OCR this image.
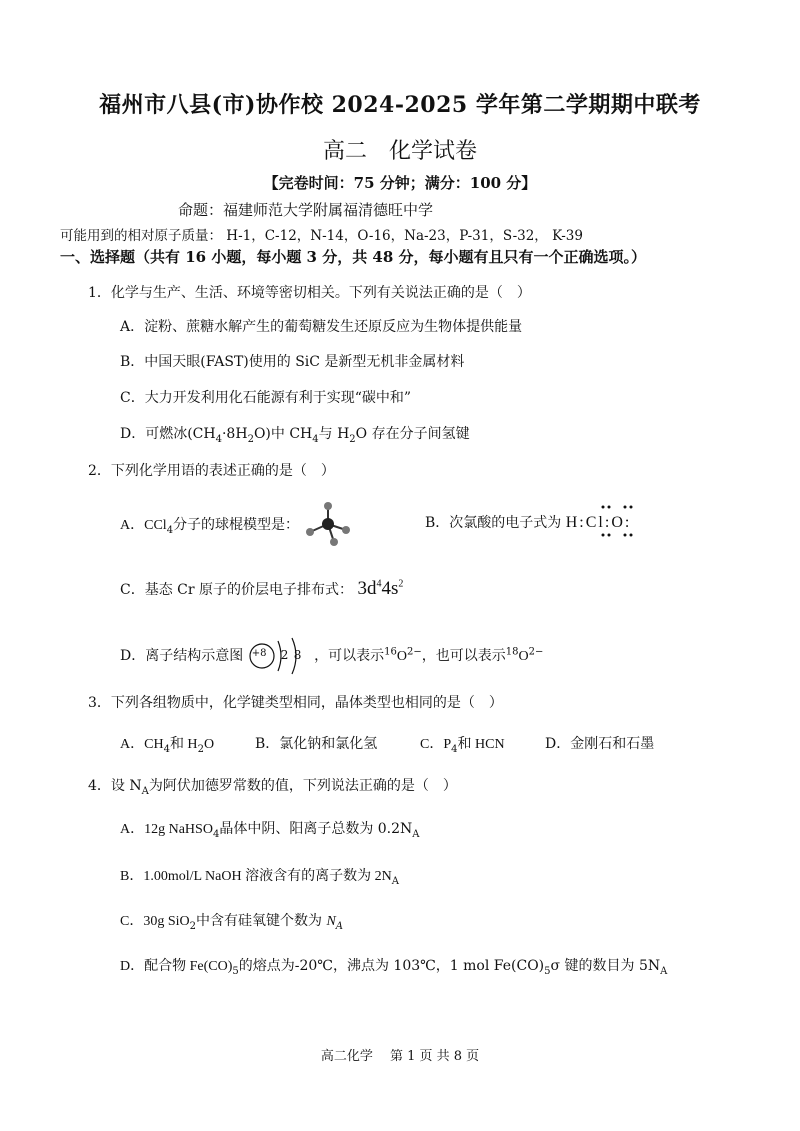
福州市八县(市)协作校 2024-2025 学年第二学期期中联考
高二　化学试卷
【完卷时间：75 分钟；满分：100 分】
命题：福建师范大学附属福清德旺中学
可能用到的相对原子质量： H-1，C-12，N-14，O-16，Na-23，P-31，S-32， K-39
一、选择题（共有 16 小题，每小题 3 分，共 48 分，每小题有且只有一个正确选项。）
1．化学与生产、生活、环境等密切相关。下列有关说法正确的是（　）
A．淀粉、蔗糖水解产生的葡萄糖发生还原反应为生物体提供能量
B．中国天眼(FAST)使用的 SiC 是新型无机非金属材料
C．大力开发利用化石能源有利于实现“碳中和”
D．可燃冰$(CH_4\cdot 8H_2O)$中 $CH_4$与 $H_2O$ 存在分子间氢键
2．下列化学用语的表述正确的是（　）
A．CCl$_4$分子的球棍模型是：	B．次氯酸的电子式为 H:Cl:O:
C．基态 Cr 原子的价层电子排布式： $3d^44s^2$
D．离子结构示意图 +8 2 8 ，可以表示$^{16}O^{2-}$，也可以表示$^{18}O^{2-}$
3．下列各组物质中，化学键类型相同，晶体类型也相同的是（　）
A．$CH_4$和 $H_2O$	B．氯化钠和氯化氢	C．$P_4$和 HCN	D．金刚石和石墨
4．设 $N_A$为阿伏加德罗常数的值，下列说法正确的是（　）
A．12g NaHSO$_4$晶体中阴、阳离子总数为 $0.2N_A$
B．1.00mol/L NaOH 溶液含有的离子数为 $2N_A$
C．30g SiO$_2$中含有硅氧键个数为 $N_A$
D．配合物 $Fe(CO)_5$的熔点为-20℃，沸点为 103℃，1 mol $Fe(CO)_5\sigma$ 键的数目为 $5N_A$
高二化学　 第 1 页 共 8 页
